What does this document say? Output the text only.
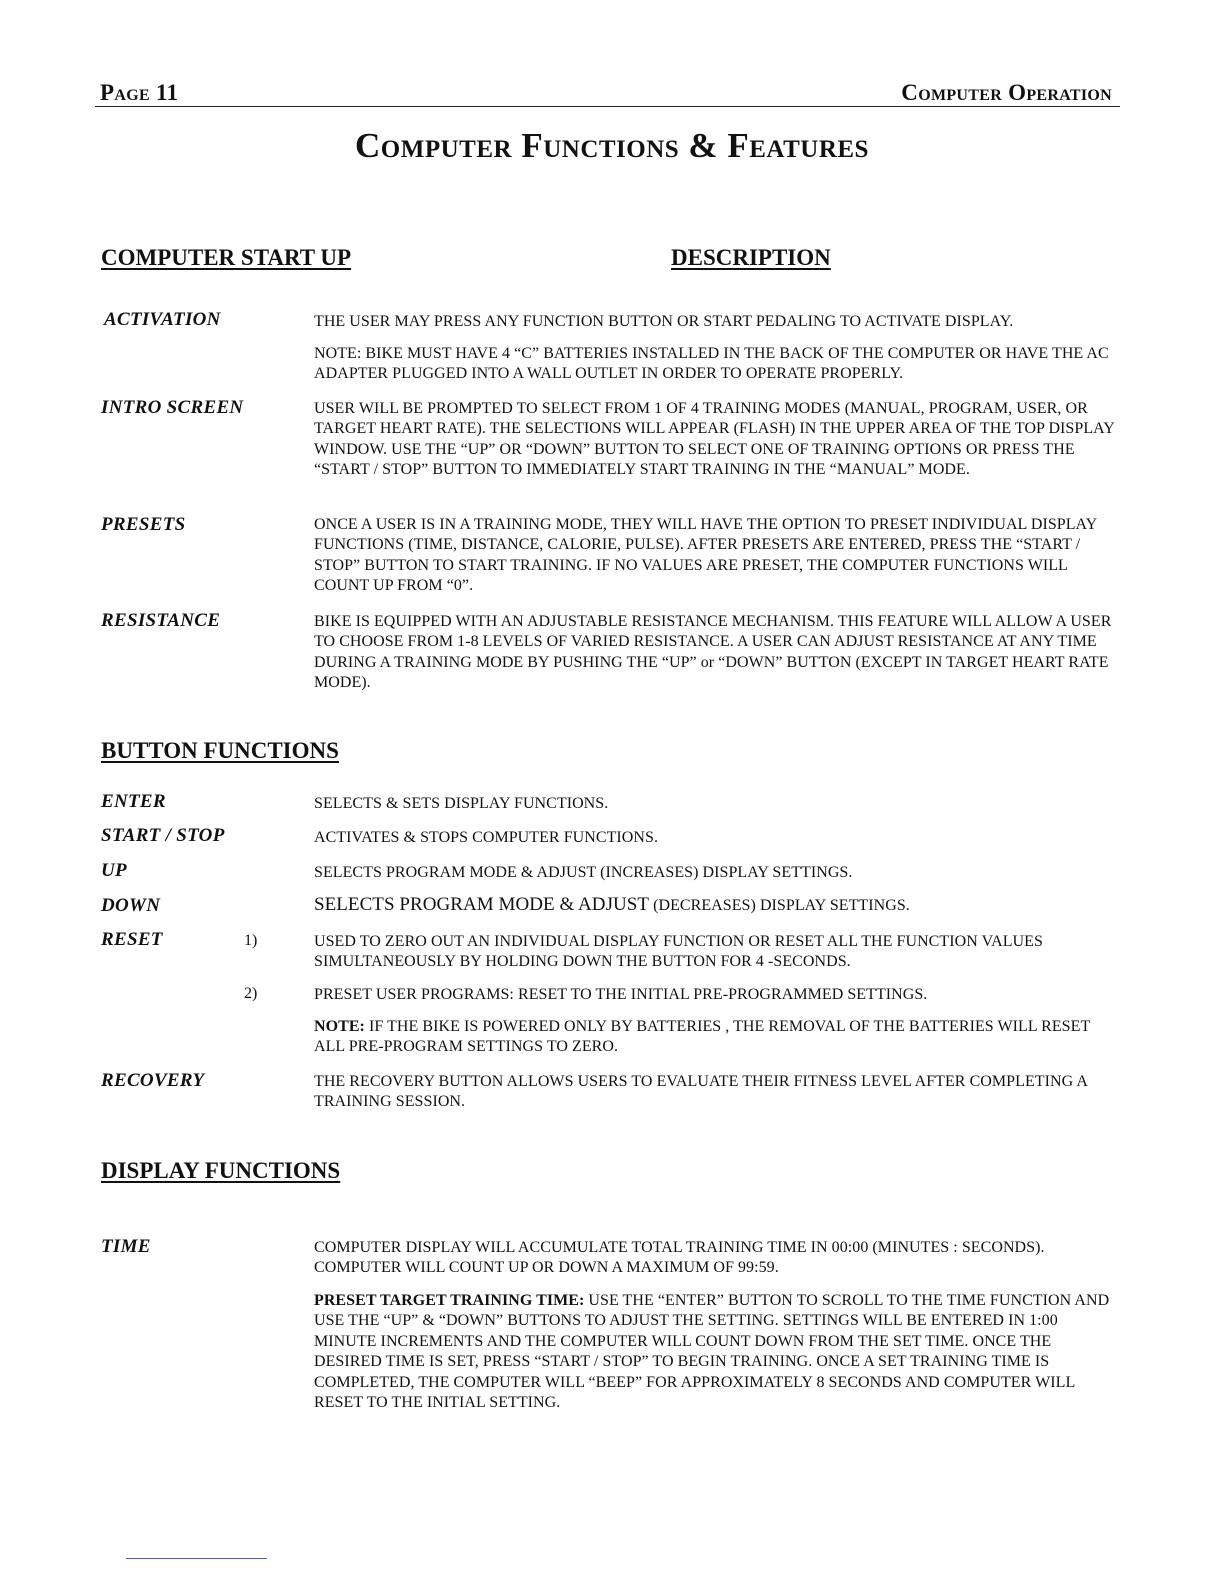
Page 11	Computer Operation
Computer Functions & Features
COMPUTER START UP	DESCRIPTION
ACTIVATION	THE USER MAY PRESS ANY FUNCTION BUTTON OR START PEDALING TO ACTIVATE DISPLAY.
NOTE: BIKE MUST HAVE 4 “C” BATTERIES INSTALLED IN THE BACK OF THE COMPUTER OR HAVE THE AC ADAPTER PLUGGED INTO A WALL OUTLET IN ORDER TO OPERATE PROPERLY.
INTRO SCREEN	USER WILL BE PROMPTED TO SELECT FROM 1 OF 4 TRAINING MODES (MANUAL, PROGRAM, USER, OR TARGET HEART RATE). THE SELECTIONS WILL APPEAR (FLASH) IN THE UPPER AREA OF THE TOP DISPLAY WINDOW. USE THE “UP” OR “DOWN” BUTTON TO SELECT ONE OF TRAINING OPTIONS OR PRESS THE “START / STOP” BUTTON TO IMMEDIATELY START TRAINING IN THE “MANUAL” MODE.
PRESETS	ONCE A USER IS IN A TRAINING MODE, THEY WILL HAVE THE OPTION TO PRESET INDIVIDUAL DISPLAY FUNCTIONS (TIME, DISTANCE, CALORIE, PULSE). AFTER PRESETS ARE ENTERED, PRESS THE “START / STOP” BUTTON TO START TRAINING. IF NO VALUES ARE PRESET, THE COMPUTER FUNCTIONS WILL COUNT UP FROM “0”.
RESISTANCE	BIKE IS EQUIPPED WITH AN ADJUSTABLE RESISTANCE MECHANISM. THIS FEATURE WILL ALLOW A USER TO CHOOSE FROM 1-8 LEVELS OF VARIED RESISTANCE. A USER CAN ADJUST RESISTANCE AT ANY TIME DURING A TRAINING MODE BY PUSHING THE “UP” or “DOWN” BUTTON (EXCEPT IN TARGET HEART RATE MODE).
BUTTON FUNCTIONS
ENTER	SELECTS & SETS DISPLAY FUNCTIONS.
START / STOP	ACTIVATES & STOPS COMPUTER FUNCTIONS.
UP	SELECTS PROGRAM MODE & ADJUST (INCREASES) DISPLAY SETTINGS.
DOWN	SELECTS PROGRAM MODE & ADJUST (DECREASES) DISPLAY SETTINGS.
RESET	1)	USED TO ZERO OUT AN INDIVIDUAL DISPLAY FUNCTION OR RESET ALL THE FUNCTION VALUES SIMULTANEOUSLY BY HOLDING DOWN THE BUTTON FOR 4 -SECONDS.
2)	PRESET USER PROGRAMS: RESET TO THE INITIAL PRE-PROGRAMMED SETTINGS.
NOTE: IF THE BIKE IS POWERED ONLY BY BATTERIES , THE REMOVAL OF THE BATTERIES WILL RESET ALL PRE-PROGRAM SETTINGS TO ZERO.
RECOVERY	THE RECOVERY BUTTON ALLOWS USERS TO EVALUATE THEIR FITNESS LEVEL AFTER COMPLETING A TRAINING SESSION.
DISPLAY FUNCTIONS
TIME	COMPUTER DISPLAY WILL ACCUMULATE TOTAL TRAINING TIME IN 00:00 (MINUTES : SECONDS). COMPUTER WILL COUNT UP OR DOWN A MAXIMUM OF 99:59.
PRESET TARGET TRAINING TIME: USE THE “ENTER” BUTTON TO SCROLL TO THE TIME FUNCTION AND USE THE “UP” & “DOWN” BUTTONS TO ADJUST THE SETTING. SETTINGS WILL BE ENTERED IN 1:00 MINUTE INCREMENTS AND THE COMPUTER WILL COUNT DOWN FROM THE SET TIME. ONCE THE DESIRED TIME IS SET, PRESS “START / STOP” TO BEGIN TRAINING. ONCE A SET TRAINING TIME IS COMPLETED, THE COMPUTER WILL “BEEP” FOR APPROXIMATELY 8 SECONDS AND COMPUTER WILL RESET TO THE INITIAL SETTING.
